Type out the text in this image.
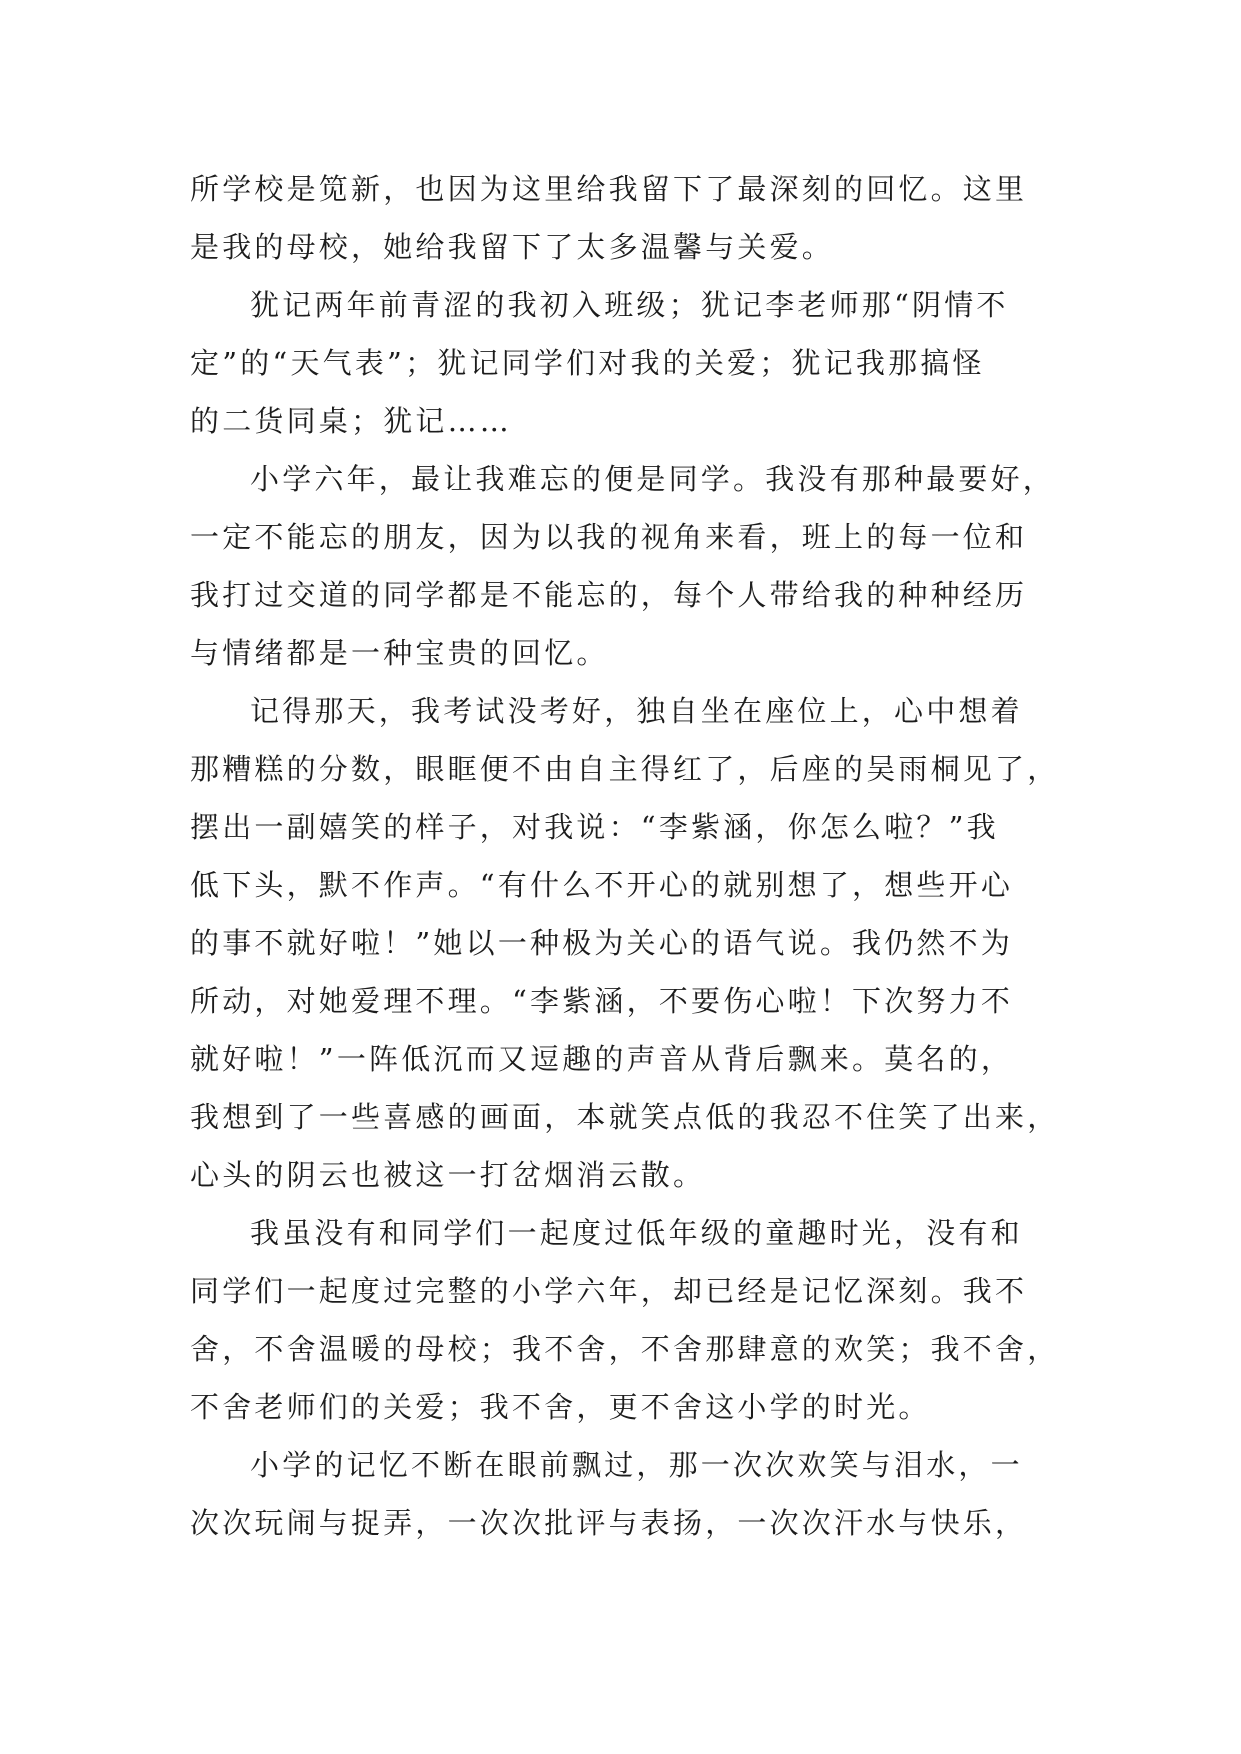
所学校是笕新，也因为这里给我留下了最深刻的回忆。这里
是我的母校，她给我留下了太多温馨与关爱。
犹记两年前青涩的我初入班级；犹记李老师那“阴情不
定”的“天气表”；犹记同学们对我的关爱；犹记我那搞怪
的二货同桌；犹记……
小学六年，最让我难忘的便是同学。我没有那种最要好，
一定不能忘的朋友，因为以我的视角来看，班上的每一位和
我打过交道的同学都是不能忘的，每个人带给我的种种经历
与情绪都是一种宝贵的回忆。
记得那天，我考试没考好，独自坐在座位上，心中想着
那糟糕的分数，眼眶便不由自主得红了，后座的吴雨桐见了，
摆出一副嬉笑的样子，对我说：“李紫涵，你怎么啦？”我
低下头，默不作声。“有什么不开心的就别想了，想些开心
的事不就好啦！”她以一种极为关心的语气说。我仍然不为
所动，对她爱理不理。“李紫涵，不要伤心啦！下次努力不
就好啦！”一阵低沉而又逗趣的声音从背后飘来。莫名的，
我想到了一些喜感的画面，本就笑点低的我忍不住笑了出来，
心头的阴云也被这一打岔烟消云散。
我虽没有和同学们一起度过低年级的童趣时光，没有和
同学们一起度过完整的小学六年，却已经是记忆深刻。我不
舍，不舍温暖的母校；我不舍，不舍那肆意的欢笑；我不舍，
不舍老师们的关爱；我不舍，更不舍这小学的时光。
小学的记忆不断在眼前飘过，那一次次欢笑与泪水，一
次次玩闹与捉弄，一次次批评与表扬，一次次汗水与快乐，
